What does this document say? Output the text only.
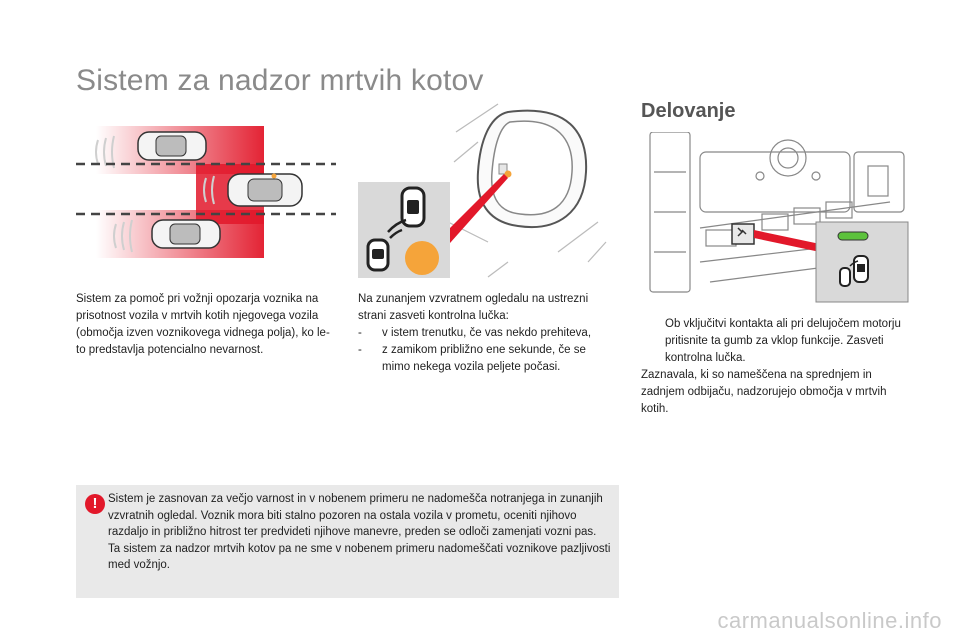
Sistem za nadzor mrtvih kotov
Delovanje

Sistem za pomoč pri vožnji opozarja voznika na prisotnost vozila v mrtvih kotih njegovega vozila (območja izven voznikovega vidnega polja), ko le-to predstavlja potencialno nevarnost.

Na zunanjem vzvratnem ogledalu na ustrezni strani zasveti kontrolna lučka:

- v istem trenutku, če vas nekdo prehiteva,
- z zamikom približno ene sekunde, če se mimo nekega vozila peljete počasi.
Ob vključitvi kontakta ali pri delujočem motorju pritisnite ta gumb za vklop funkcije. Zasveti kontrolna lučka.

Zaznavala, ki so nameščena na sprednjem in zadnjem odbijaču, nadzorujejo območja v mrtvih kotih.

! Sistem je zasnovan za večjo varnost in v nobenem primeru ne nadomešča notranjega in zunanjih vzvratnih ogledal. Voznik mora biti stalno pozoren na ostala vozila v prometu, oceniti njihovo razdaljo in približno hitrost ter predvideti njihove manevre, preden se odloči zamenjati vozni pas.
Ta sistem za nadzor mrtvih kotov pa ne sme v nobenem primeru nadomeščati voznikove pazljivosti med vožnjo.
carmanualsonline.info
